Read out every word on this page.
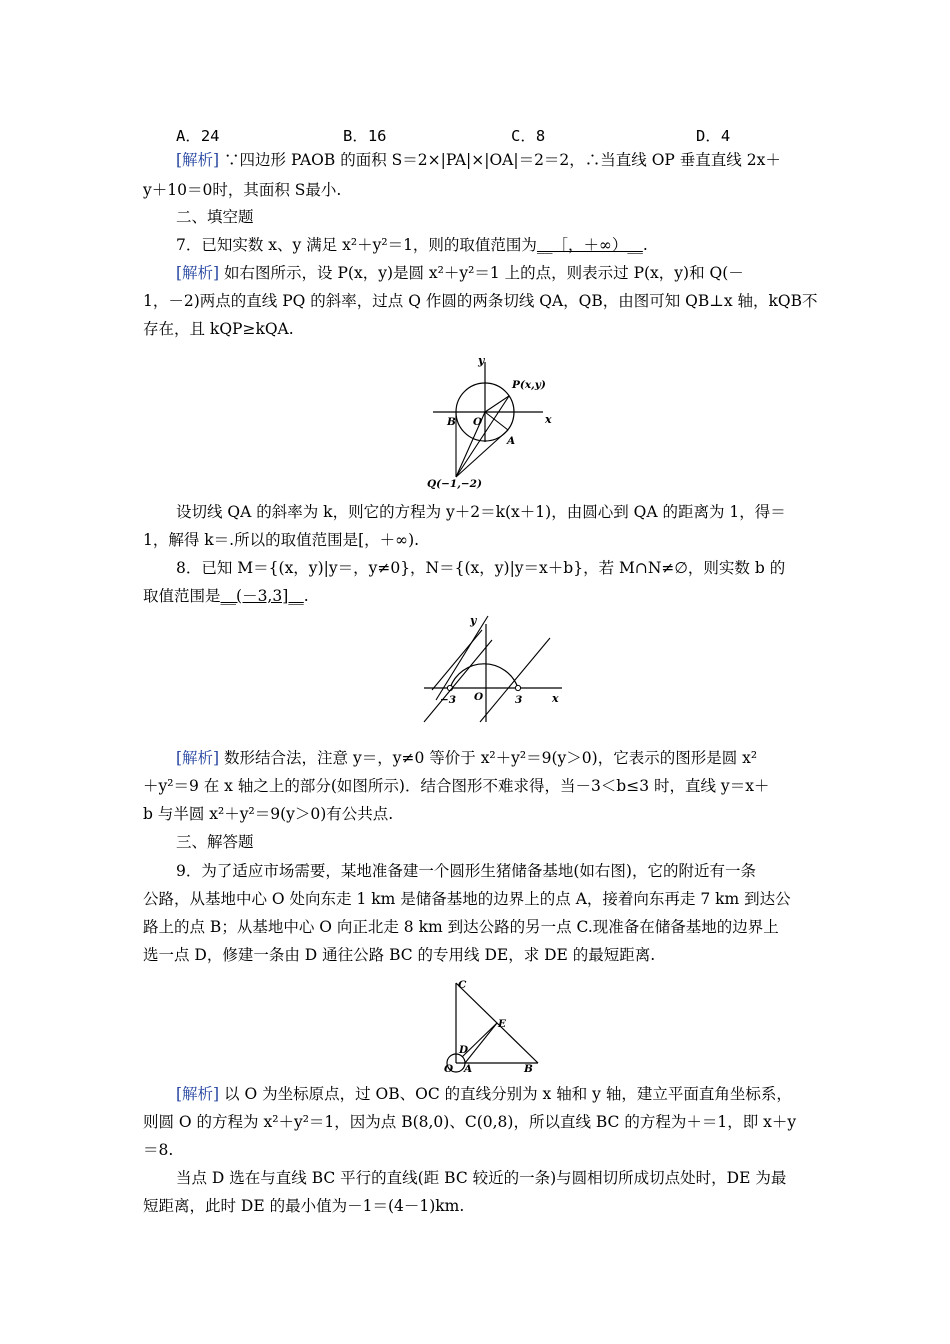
A．24	B．16	C．8	D．4
[解析] ∵四边形 PAOB 的面积 S＝2×|PA|×|OA|＝2＝2，∴当直线 OP 垂直直线 2x＋
y＋10＝0时，其面积 S最小.
二、填空题
7．已知实数 x、y 满足 x²＋y²＝1，则的取值范围为__［，＋∞）__.
[解析] 如右图所示，设 P(x，y)是圆 x²＋y²＝1 上的点，则表示过 P(x，y)和 Q(－
1，－2)两点的直线 PQ 的斜率，过点 Q 作圆的两条切线 QA，QB，由图可知 QB⊥x 轴，kQB不
存在，且 kQP≥kQA.
y
x
P(x,y)
B O
A
Q(−1,−2)
设切线 QA 的斜率为 k，则它的方程为 y＋2＝k(x＋1)，由圆心到 QA 的距离为 1，得＝
1，解得 k＝.所以的取值范围是[，＋∞).
8．已知 M＝{(x，y)|y＝，y≠0}，N＝{(x，y)|y＝x＋b}，若 M∩N≠∅，则实数 b 的
取值范围是__(－3,3]__.
y
x
−3 O	3
[解析] 数形结合法，注意 y＝，y≠0 等价于 x²＋y²＝9(y＞0)，它表示的图形是圆 x²
＋y²＝9 在 x 轴之上的部分(如图所示)．结合图形不难求得，当－3＜b≤3 时，直线 y＝x＋
b 与半圆 x²＋y²＝9(y＞0)有公共点.
三、解答题
9．为了适应市场需要，某地准备建一个圆形生猪储备基地(如右图)，它的附近有一条
公路，从基地中心 O 处向东走 1 km 是储备基地的边界上的点 A，接着向东再走 7 km 到达公
路上的点 B；从基地中心 O 向正北走 8 km 到达公路的另一点 C.现准备在储备基地的边界上
选一点 D，修建一条由 D 通往公路 BC 的专用线 DE，求 DE 的最短距离.
C
E
D
O A	B
[解析] 以 O 为坐标原点，过 OB、OC 的直线分别为 x 轴和 y 轴，建立平面直角坐标系，
则圆 O 的方程为 x²＋y²＝1，因为点 B(8,0)、C(0,8)，所以直线 BC 的方程为＋＝1，即 x＋y
＝8.
当点 D 选在与直线 BC 平行的直线(距 BC 较近的一条)与圆相切所成切点处时，DE 为最
短距离，此时 DE 的最小值为－1＝(4－1)km.
